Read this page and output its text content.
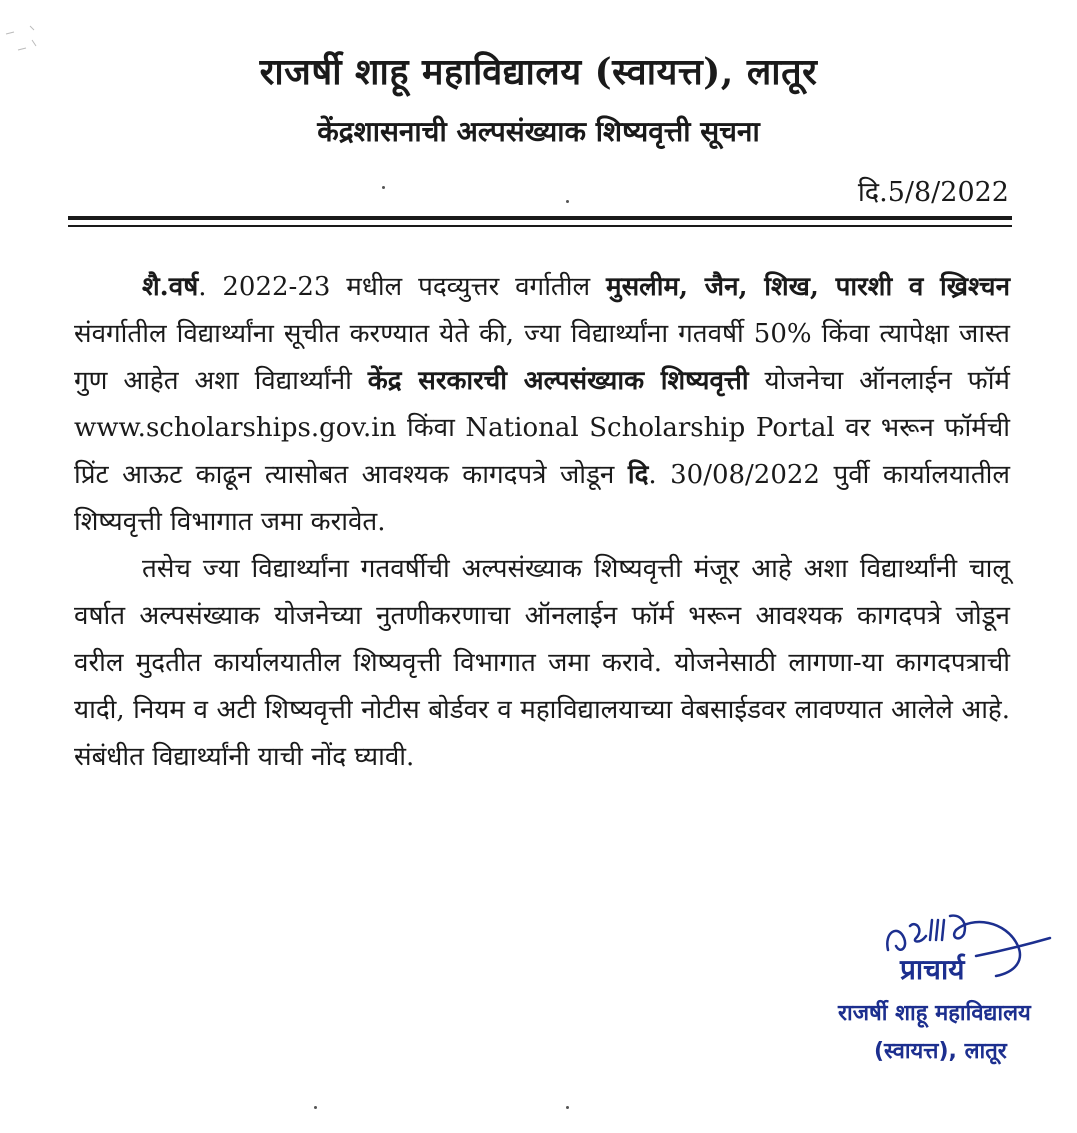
राजर्षी शाहू महाविद्यालय (स्वायत्त), लातूर
केंद्रशासनाची अल्पसंख्याक शिष्यवृत्ती सूचना
दि.5/8/2022

शै.वर्ष. 2022-23 मधील पदव्युत्तर वर्गातील मुसलीम, जैन, शिख, पारशी व ख्रिश्चन संवर्गातील विद्यार्थ्यांना सूचीत करण्यात येते की, ज्या विद्यार्थ्यांना गतवर्षी 50% किंवा त्यापेक्षा जास्त गुण आहेत अशा विद्यार्थ्यांनी केंद्र सरकारची अल्पसंख्याक शिष्यवृत्ती योजनेचा ऑनलाईन फॉर्म www.scholarships.gov.in किंवा National Scholarship Portal वर भरून फॉर्मची प्रिंट आऊट काढून त्यासोबत आवश्यक कागदपत्रे जोडून दि. 30/08/2022 पुर्वी कार्यालयातील शिष्यवृत्ती विभागात जमा करावेत.

तसेच ज्या विद्यार्थ्यांना गतवर्षीची अल्पसंख्याक शिष्यवृत्ती मंजूर आहे अशा विद्यार्थ्यांनी चालू वर्षात अल्पसंख्याक योजनेच्या नुतणीकरणाचा ऑनलाईन फॉर्म भरून आवश्यक कागदपत्रे जोडून वरील मुदतीत कार्यालयातील शिष्यवृत्ती विभागात जमा करावे. योजनेसाठी लागणा-या कागदपत्राची यादी, नियम व अटी शिष्यवृत्ती नोटीस बोर्डवर व महाविद्यालयाच्या वेबसाईडवर लावण्यात आलेले आहे. संबंधीत विद्यार्थ्यांनी याची नोंद घ्यावी.

प्राचार्य
राजर्षी शाहू महाविद्यालय
(स्वायत्त), लातूर
